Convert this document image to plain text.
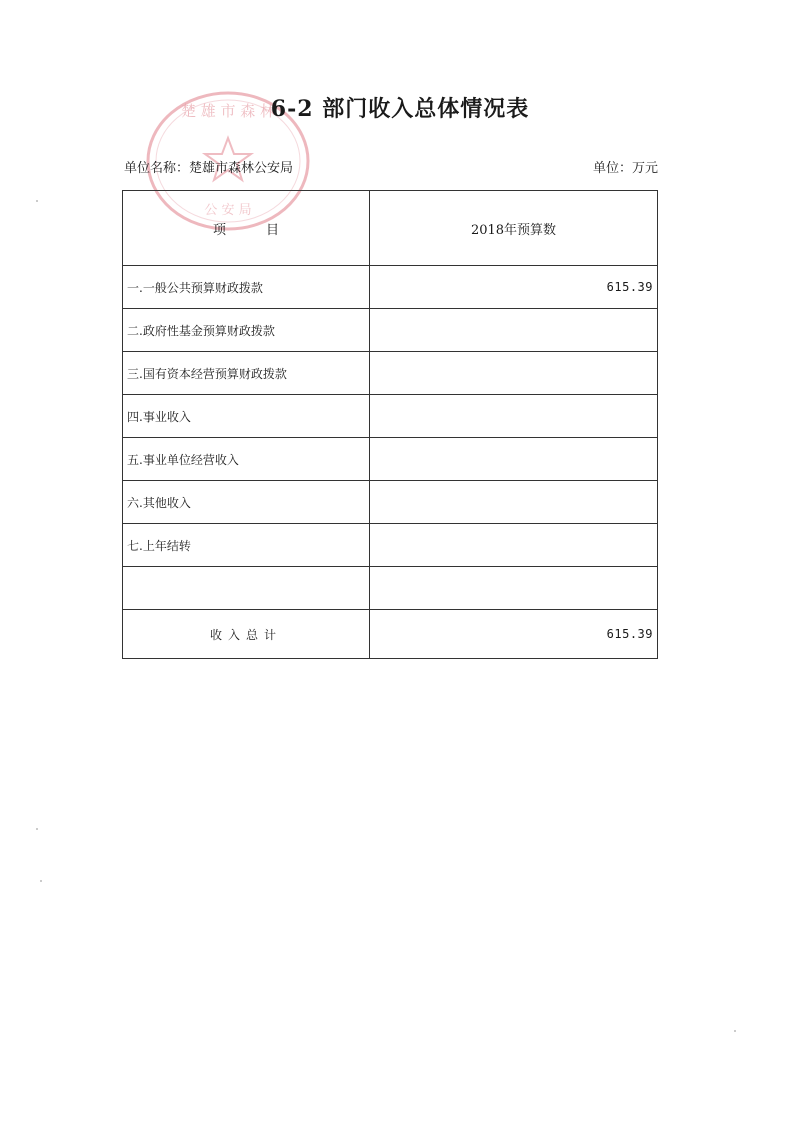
楚 雄 市 森 林
公 安 局
6-2 部门收入总体情况表
单位名称：楚雄市森林公安局	单位：万元
项 目	2018年预算数
一.一般公共预算财政拨款	615.39
二.政府性基金预算财政拨款	
三.国有资本经营预算财政拨款	
四.事业收入	
五.事业单位经营收入	
六.其他收入	
七.上年结转	

收入总计	615.39
